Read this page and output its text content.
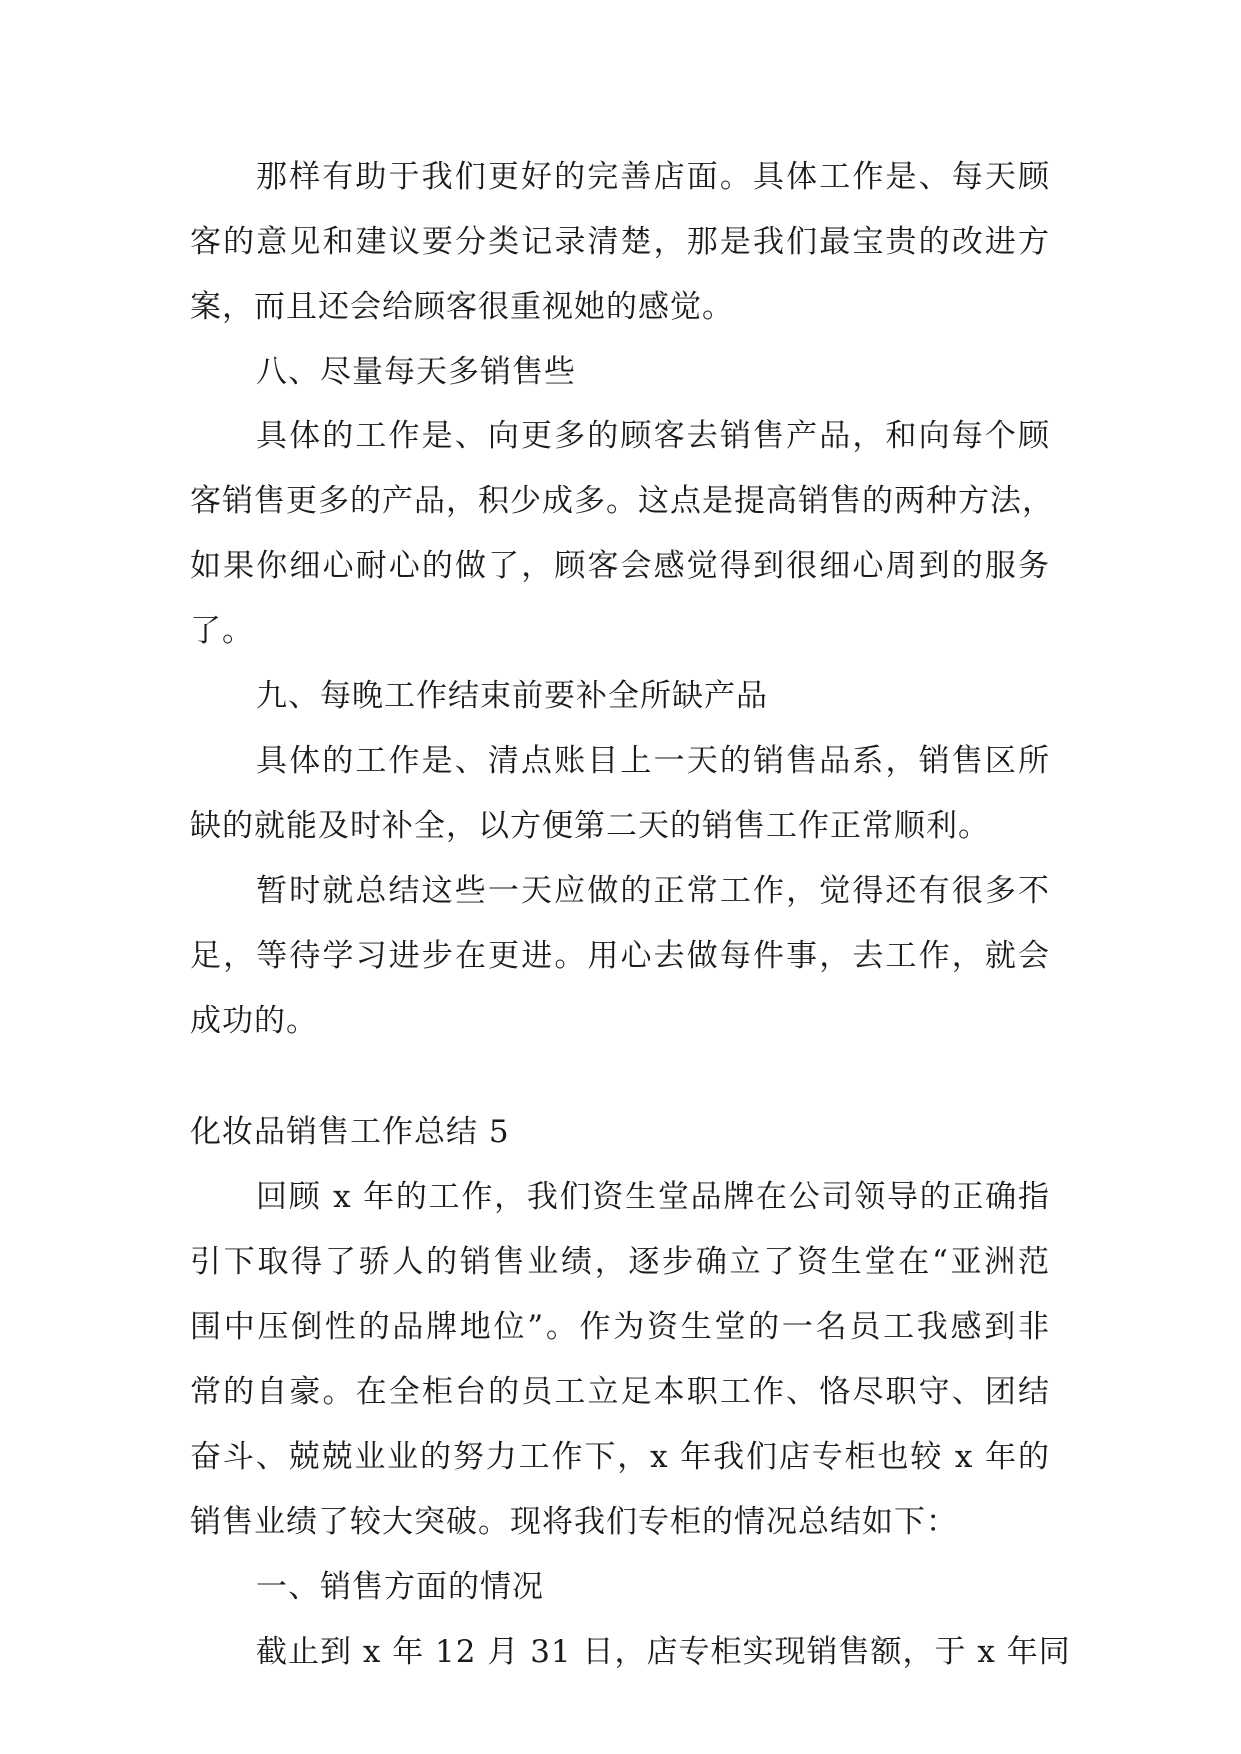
那样有助于我们更好的完善店面。具体工作是、每天顾
客的意见和建议要分类记录清楚，那是我们最宝贵的改进方
案，而且还会给顾客很重视她的感觉。
八、尽量每天多销售些
具体的工作是、向更多的顾客去销售产品，和向每个顾
客销售更多的产品，积少成多。这点是提高销售的两种方法，
如果你细心耐心的做了，顾客会感觉得到很细心周到的服务
了。
九、每晚工作结束前要补全所缺产品
具体的工作是、清点账目上一天的销售品系，销售区所
缺的就能及时补全，以方便第二天的销售工作正常顺利。
暂时就总结这些一天应做的正常工作，觉得还有很多不
足，等待学习进步在更进。用心去做每件事，去工作，就会
成功的。
化妆品销售工作总结 5
回顾 x 年的工作，我们资生堂品牌在公司领导的正确指
引下取得了骄人的销售业绩，逐步确立了资生堂在“亚洲范
围中压倒性的品牌地位”。作为资生堂的一名员工我感到非
常的自豪。在全柜台的员工立足本职工作、恪尽职守、团结
奋斗、兢兢业业的努力工作下，x 年我们店专柜也较 x 年的
销售业绩了较大突破。现将我们专柜的情况总结如下：
一、销售方面的情况
截止到 x 年 12 月 31 日，店专柜实现销售额，于 x 年同
